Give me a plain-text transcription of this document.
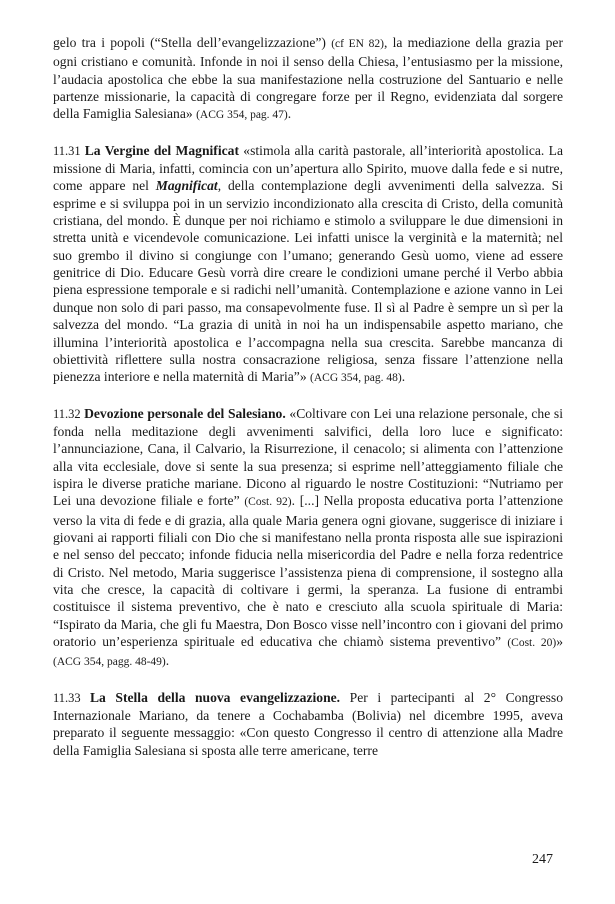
gelo tra i popoli (“Stella dell’evangelizzazione”) (cf EN 82), la mediazione della grazia per ogni cristiano e comunità. Infonde in noi il senso della Chiesa, l’entusiasmo per la missione, l’audacia apostolica che ebbe la sua manifestazione nella costruzione del Santuario e nelle partenze missionarie, la capacità di congregare forze per il Regno, evidenziata dal sorgere della Famiglia Salesiana» (ACG 354, pag. 47).

11.31 La Vergine del Magnificat «stimola alla carità pastorale, all’interiorità apostolica. La missione di Maria, infatti, comincia con un’apertura allo Spirito, muove dalla fede e si nutre, come appare nel Magnificat, della contemplazione degli avvenimenti della salvezza. Si esprime e si sviluppa poi in un servizio incondizionato alla crescita di Cristo, della comunità cristiana, del mondo. È dunque per noi richiamo e stimolo a sviluppare le due dimensioni in stretta unità e vicendevole comunicazione. Lei infatti unisce la verginità e la maternità; nel suo grembo il divino si congiunge con l’umano; generando Gesù uomo, viene ad essere genitrice di Dio. Educare Gesù vorrà dire creare le condizioni umane perché il Verbo abbia piena espressione temporale e si radichi nell’umanità. Contemplazione e azione vanno in Lei dunque non solo di pari passo, ma consapevolmente fuse. Il sì al Padre è sempre un sì per la salvezza del mondo. “La grazia di unità in noi ha un indispensabile aspetto mariano, che illumina l’interiorità apostolica e l’accompagna nella sua crescita. Sarebbe mancanza di obiettività riflettere sulla nostra consacrazione religiosa, senza fissare l’attenzione nella pienezza interiore e nella maternità di Maria”» (ACG 354, pag. 48).

11.32 Devozione personale del Salesiano. «Coltivare con Lei una relazione personale, che si fonda nella meditazione degli avvenimenti salvifici, della loro luce e significato: l’annunciazione, Cana, il Calvario, la Risurrezione, il cenacolo; si alimenta con l’attenzione alla vita ecclesiale, dove si sente la sua presenza; si esprime nell’atteggiamento filiale che ispira le diverse pratiche mariane. Dicono al riguardo le nostre Costituzioni: “Nutriamo per Lei una devozione filiale e forte” (Cost. 92). [...] Nella proposta educativa porta l’attenzione verso la vita di fede e di grazia, alla quale Maria genera ogni giovane, suggerisce di iniziare i giovani ai rapporti filiali con Dio che si manifestano nella pronta risposta alle sue ispirazioni e nel senso del peccato; infonde fiducia nella misericordia del Padre e nella forza redentrice di Cristo. Nel metodo, Maria suggerisce l’assistenza piena di comprensione, il sostegno alla vita che cresce, la capacità di coltivare i germi, la speranza. La fusione di entrambi costituisce il sistema preventivo, che è nato e cresciuto alla scuola spirituale di Maria: “Ispirato da Maria, che gli fu Maestra, Don Bosco visse nell’incontro con i giovani del primo oratorio un’esperienza spirituale ed educativa che chiamò sistema preventivo” (Cost. 20)» (ACG 354, pagg. 48-49).

11.33 La Stella della nuova evangelizzazione. Per i partecipanti al 2° Congresso Internazionale Mariano, da tenere a Cochabamba (Bolivia) nel dicembre 1995, aveva preparato il seguente messaggio: «Con questo Congresso il centro di attenzione alla Madre della Famiglia Salesiana si sposta alle terre americane, terre

247
